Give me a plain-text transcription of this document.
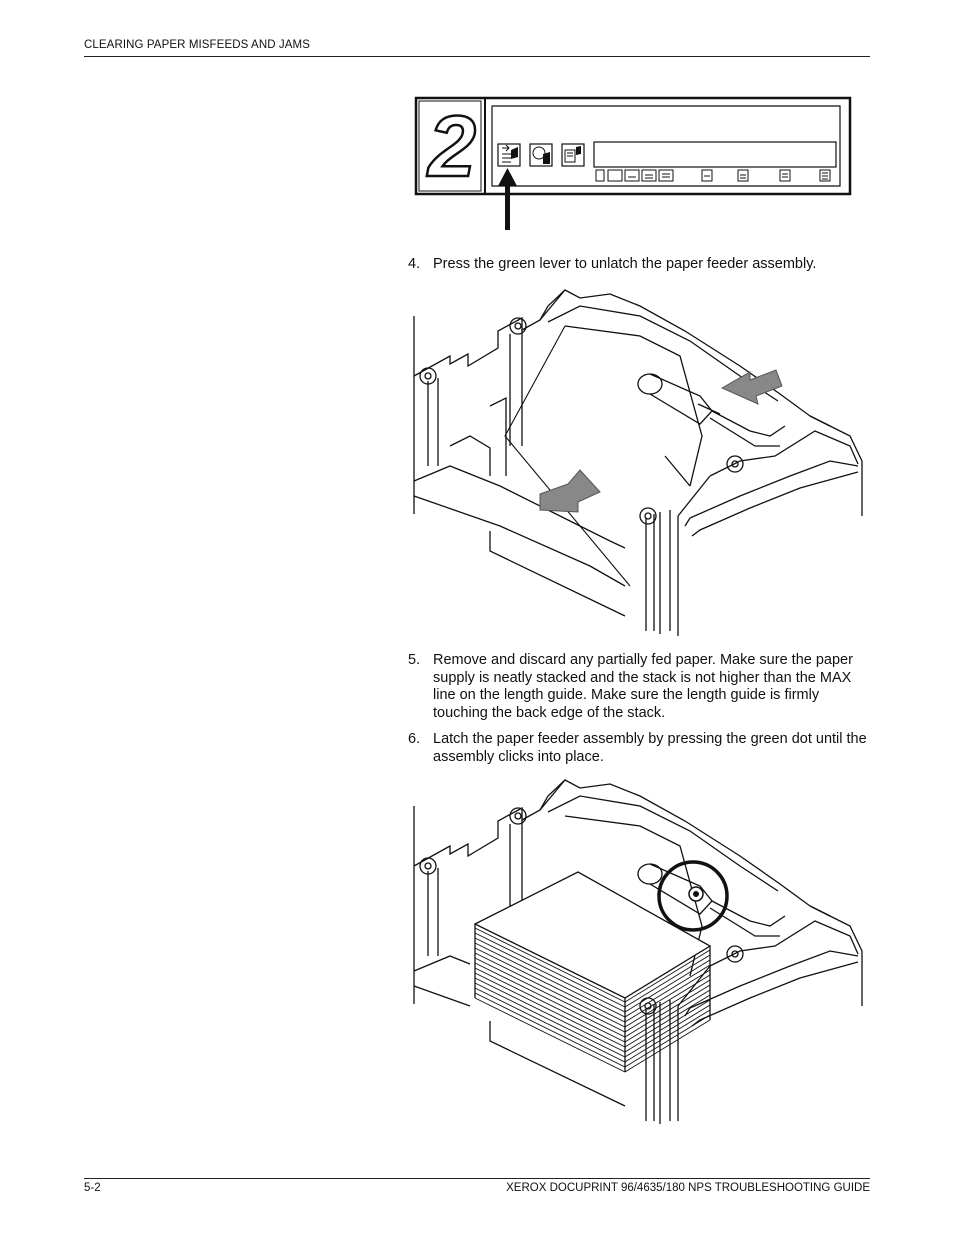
CLEARING PAPER MISFEEDS AND JAMS
2
4. Press the green lever to unlatch the paper feeder assembly.
5. Remove and discard any partially fed paper. Make sure the paper supply is neatly stacked and the stack is not higher than the MAX line on the length guide. Make sure the length guide is firmly touching the back edge of the stack.
6. Latch the paper feeder assembly by pressing the green dot until the assembly clicks into place.
5-2	XEROX DOCUPRINT 96/4635/180 NPS TROUBLESHOOTING GUIDE
